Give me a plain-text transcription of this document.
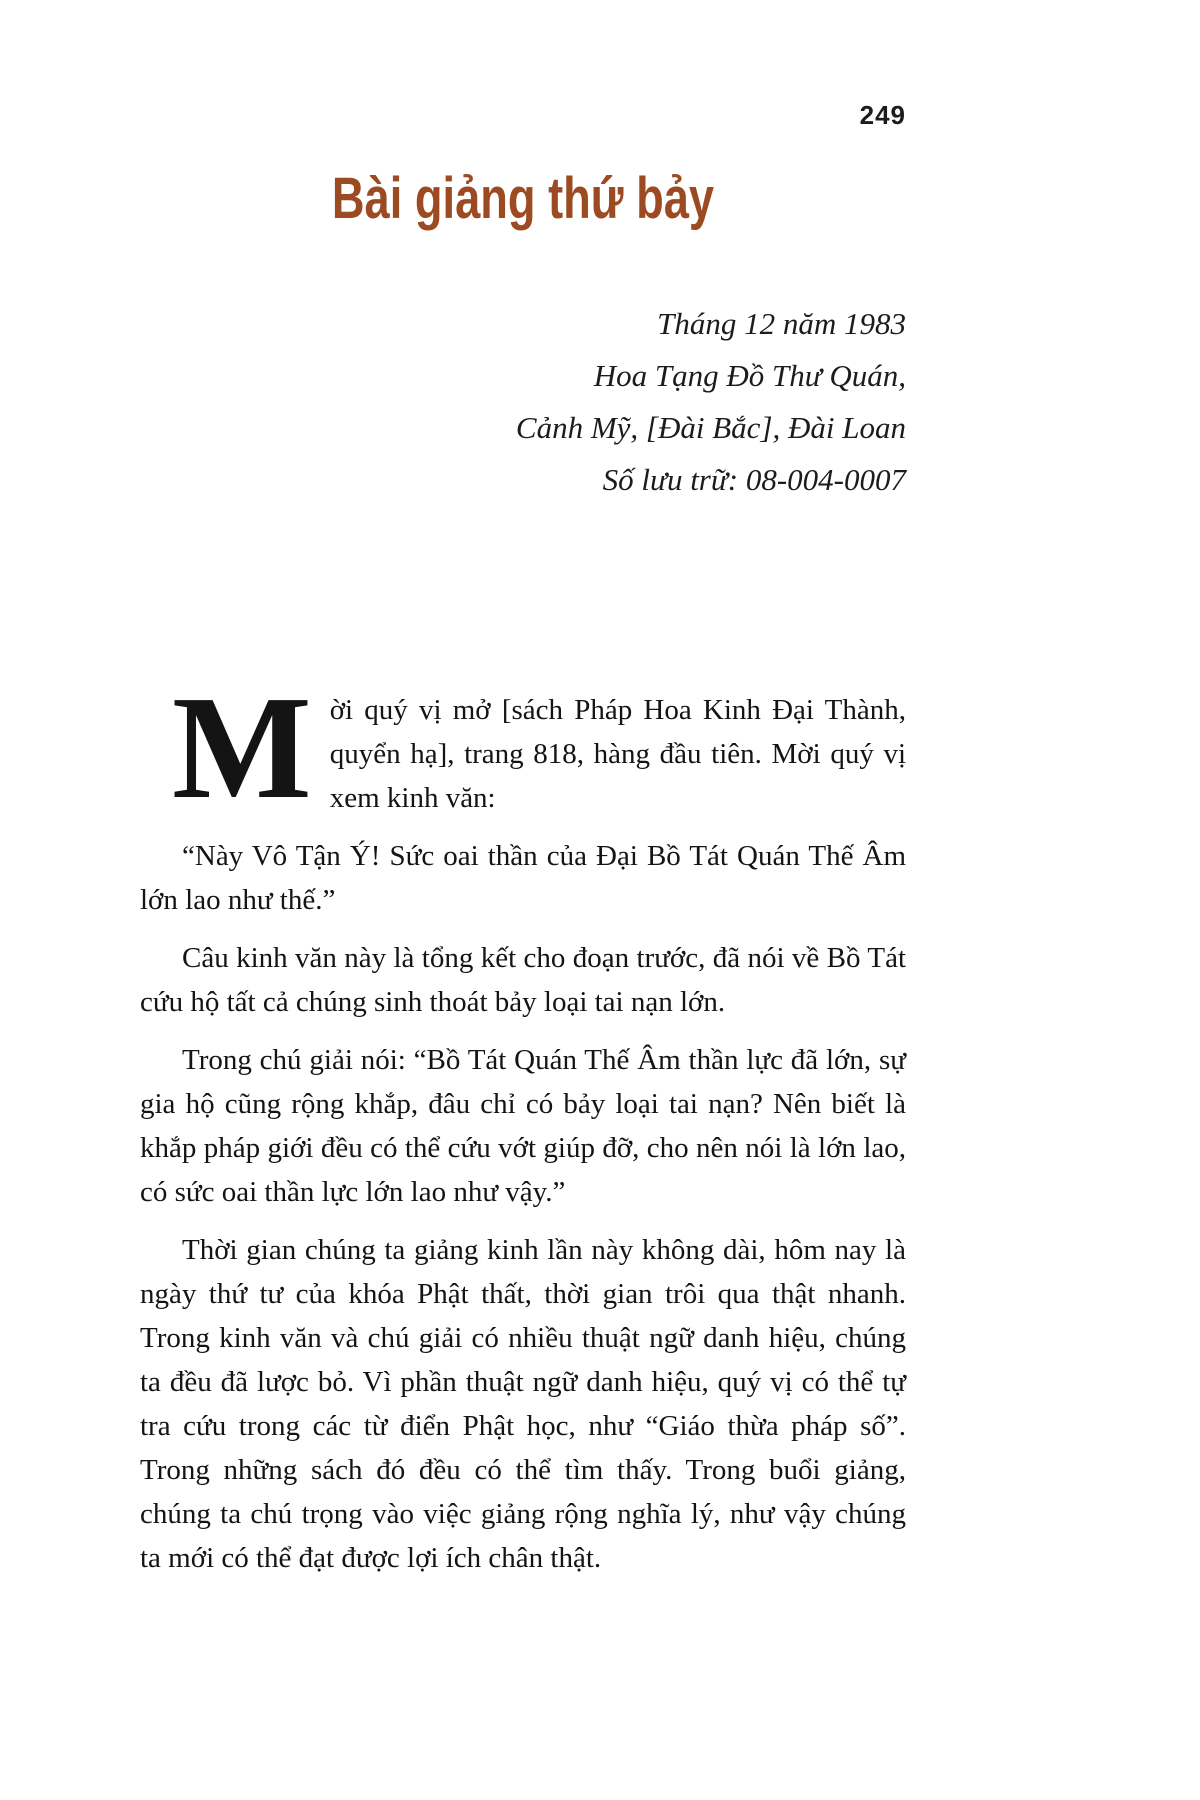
249
Bài giảng thứ bảy
Tháng 12 năm 1983
Hoa Tạng Đồ Thư Quán,
Cảnh Mỹ, [Đài Bắc], Đài Loan
Số lưu trữ: 08-004-0007

Mời quý vị mở [sách Pháp Hoa Kinh Đại Thành, quyển hạ], trang 818, hàng đầu tiên. Mời quý vị xem kinh văn:

“Này Vô Tận Ý! Sức oai thần của Đại Bồ Tát Quán Thế Âm lớn lao như thế.”

Câu kinh văn này là tổng kết cho đoạn trước, đã nói về Bồ Tát cứu hộ tất cả chúng sinh thoát bảy loại tai nạn lớn.

Trong chú giải nói: “Bồ Tát Quán Thế Âm thần lực đã lớn, sự gia hộ cũng rộng khắp, đâu chỉ có bảy loại tai nạn? Nên biết là khắp pháp giới đều có thể cứu vớt giúp đỡ, cho nên nói là lớn lao, có sức oai thần lực lớn lao như vậy.”

Thời gian chúng ta giảng kinh lần này không dài, hôm nay là ngày thứ tư của khóa Phật thất, thời gian trôi qua thật nhanh. Trong kinh văn và chú giải có nhiều thuật ngữ danh hiệu, chúng ta đều đã lược bỏ. Vì phần thuật ngữ danh hiệu, quý vị có thể tự tra cứu trong các từ điển Phật học, như “Giáo thừa pháp số”. Trong những sách đó đều có thể tìm thấy. Trong buổi giảng, chúng ta chú trọng vào việc giảng rộng nghĩa lý, như vậy chúng ta mới có thể đạt được lợi ích chân thật.
